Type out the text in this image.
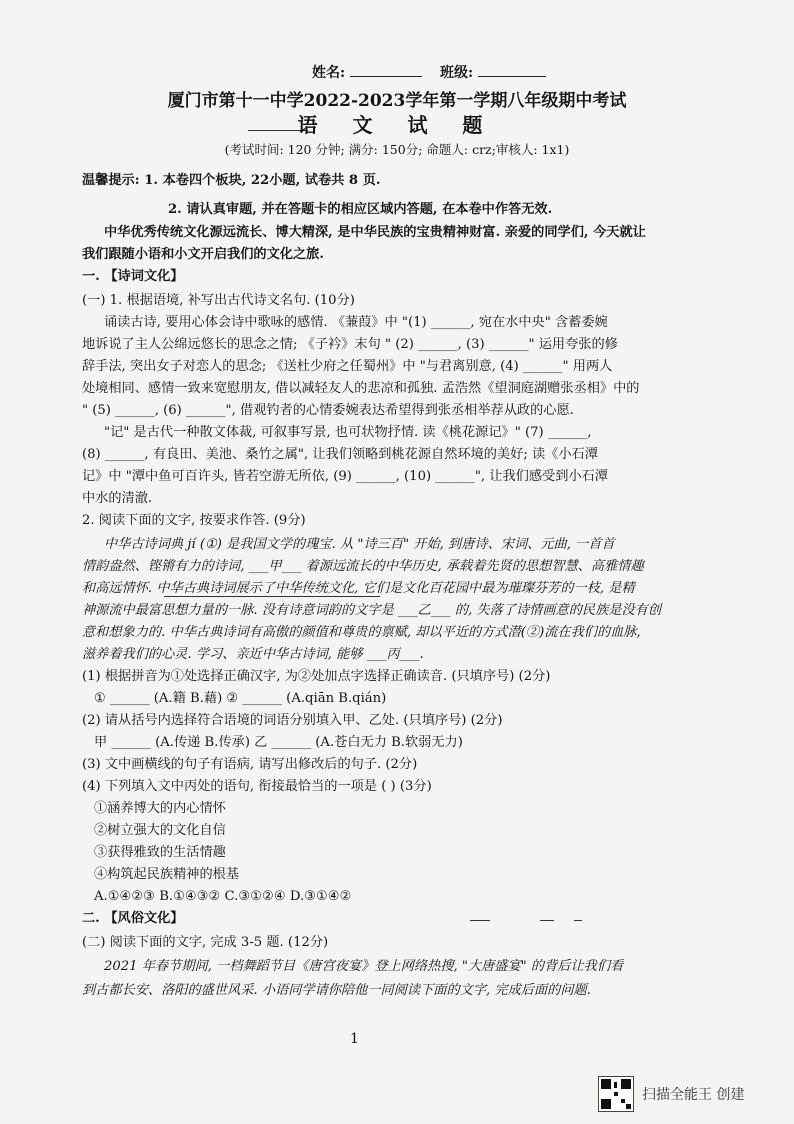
姓名:	班级:
厦门市第十一中学2022-2023学年第一学期八年级期中考试
语 文 试 题
(考试时间: 120 分钟; 满分: 150分; 命题人: crz;审核人: 1x1)
温馨提示: 1. 本卷四个板块, 22小题, 试卷共 8 页.
2. 请认真审题, 并在答题卡的相应区域内答题, 在本卷中作答无效.
中华优秀传统文化源远流长、博大精深, 是中华民族的宝贵精神财富. 亲爱的同学们, 今天就让
我们跟随小语和小文开启我们的文化之旅.
一. 【诗词文化】
(一) 1. 根据语境, 补写出古代诗文名句. (10分)
诵读古诗, 要用心体会诗中歌咏的感情. 《蒹葭》中 "(1) ______, 宛在水中央" 含蓄委婉
地诉说了主人公绵远悠长的思念之情; 《子衿》末句 " (2) ______, (3) ______" 运用夸张的修
辞手法, 突出女子对恋人的思念; 《送杜少府之任蜀州》中 "与君离别意, (4) ______" 用两人
处境相同、感情一致来宽慰朋友, 借以减轻友人的悲凉和孤独. 孟浩然《望洞庭湖赠张丞相》中的
" (5) ______, (6) ______", 借观钓者的心情委婉表达希望得到张丞相举荐从政的心愿.
"记" 是古代一种散文体裁, 可叙事写景, 也可状物抒情. 读《桃花源记》" (7) ______,
(8) ______, 有良田、美池、桑竹之属", 让我们领略到桃花源自然环境的美好; 读《小石潭
记》中 "潭中鱼可百许头, 皆若空游无所依, (9) ______, (10) ______", 让我们感受到小石潭
中水的清澈.
2. 阅读下面的文字, 按要求作答. (9分)
中华古诗词典 jí (①) 是我国文学的瑰宝. 从 "诗三百" 开始, 到唐诗、宋词、元曲, 一首首
情韵盎然、铿锵有力的诗词, ___甲___ 着源远流长的中华历史, 承载着先贤的思想智慧、高雅情趣
和高远情怀. 中华古典诗词展示了中华传统文化, 它们是文化百花园中最为璀璨芬芳的一枝, 是精
神源流中最富思想力量的一脉. 没有诗意词韵的文字是 ___乙___ 的, 失落了诗情画意的民族是没有创
意和想象力的. 中华古典诗词有高傲的颜值和尊贵的禀赋, 却以平近的方式潜(②)流在我们的血脉,
滋养着我们的心灵. 学习、亲近中华古诗词, 能够 ___丙___.
(1) 根据拼音为①处选择正确汉字, 为②处加点字选择正确读音. (只填序号) (2分)
① ______ (A.籍 B.藉) ② ______ (A.qiān B.qián)
(2) 请从括号内选择符合语境的词语分别填入甲、乙处. (只填序号) (2分)
甲 ______ (A.传递 B.传承) 乙 ______ (A.苍白无力 B.软弱无力)
(3) 文中画横线的句子有语病, 请写出修改后的句子. (2分)
(4) 下列填入文中丙处的语句, 衔接最恰当的一项是 ( ) (3分)
①涵养博大的内心情怀
②树立强大的文化自信
③获得雅致的生活情趣
④构筑起民族精神的根基
A.①④②③ B.①④③② C.③①②④ D.③①④②
二. 【风俗文化】
(二) 阅读下面的文字, 完成 3-5 题. (12分)
2021 年春节期间, 一档舞蹈节目《唐宫夜宴》登上网络热搜, "大唐盛宴" 的背后让我们看
到古都长安、洛阳的盛世风采. 小语同学请你陪他一同阅读下面的文字, 完成后面的问题.
1
扫描全能王 创建
